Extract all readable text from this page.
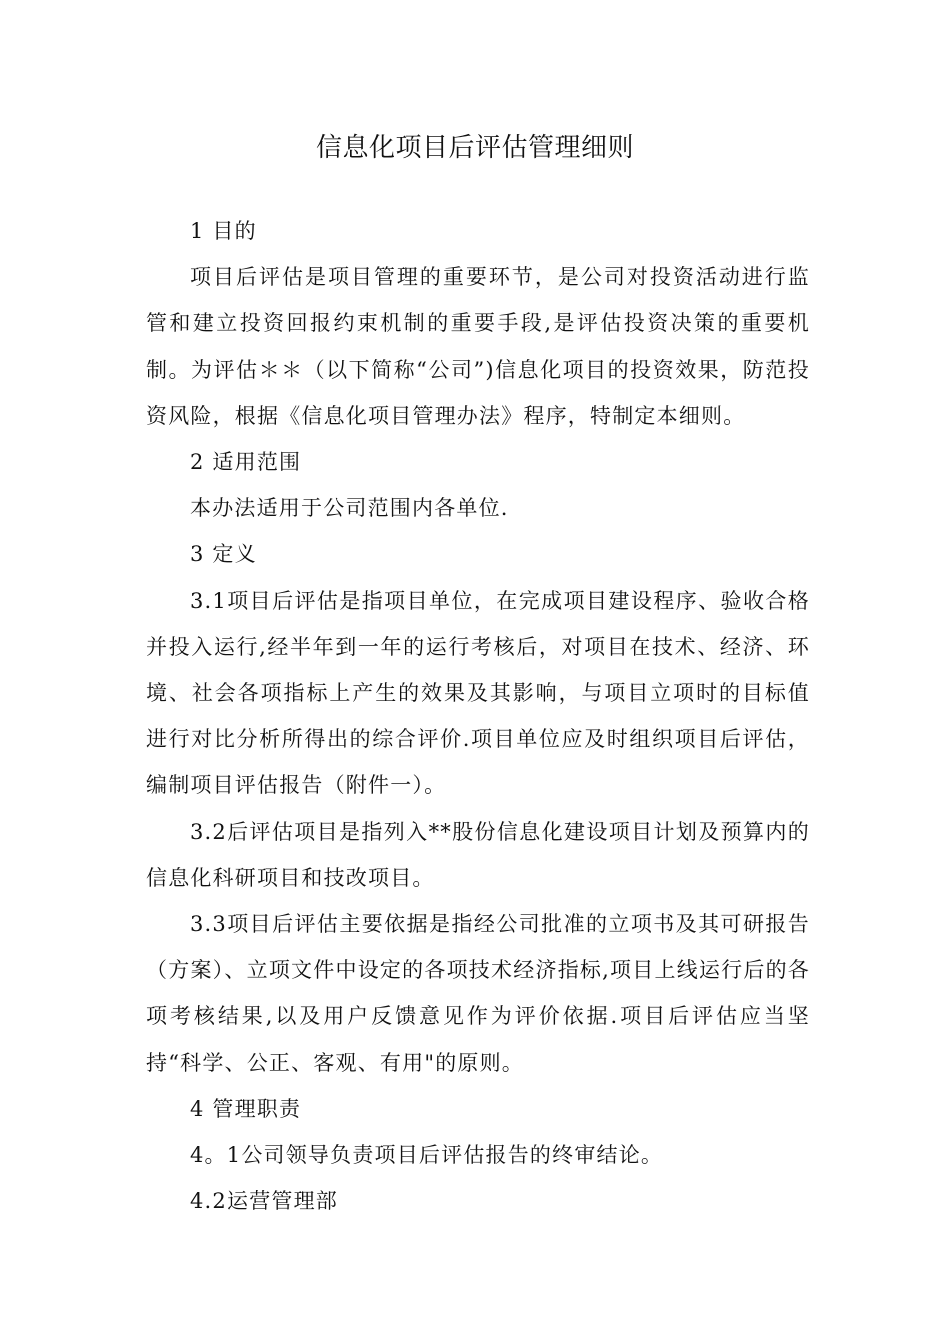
信息化项目后评估管理细则

1 目的

项目后评估是项目管理的重要环节，是公司对投资活动进行监管和建立投资回报约束机制的重要手段,是评估投资决策的重要机制。为评估＊＊（以下简称“公司”)信息化项目的投资效果，防范投资风险，根据《信息化项目管理办法》程序，特制定本细则。

2 适用范围

本办法适用于公司范围内各单位.

3 定义

3.1项目后评估是指项目单位，在完成项目建设程序、验收合格并投入运行,经半年到一年的运行考核后，对项目在技术、经济、环境、社会各项指标上产生的效果及其影响，与项目立项时的目标值进行对比分析所得出的综合评价.项目单位应及时组织项目后评估，编制项目评估报告（附件一）。

3.2后评估项目是指列入**股份信息化建设项目计划及预算内的信息化科研项目和技改项目。

3.3项目后评估主要依据是指经公司批准的立项书及其可研报告（方案）、立项文件中设定的各项技术经济指标,项目上线运行后的各项考核结果,以及用户反馈意见作为评价依据.项目后评估应当坚持“科学、公正、客观、有用"的原则。

4 管理职责

4。1公司领导负责项目后评估报告的终审结论。

4.2运营管理部
